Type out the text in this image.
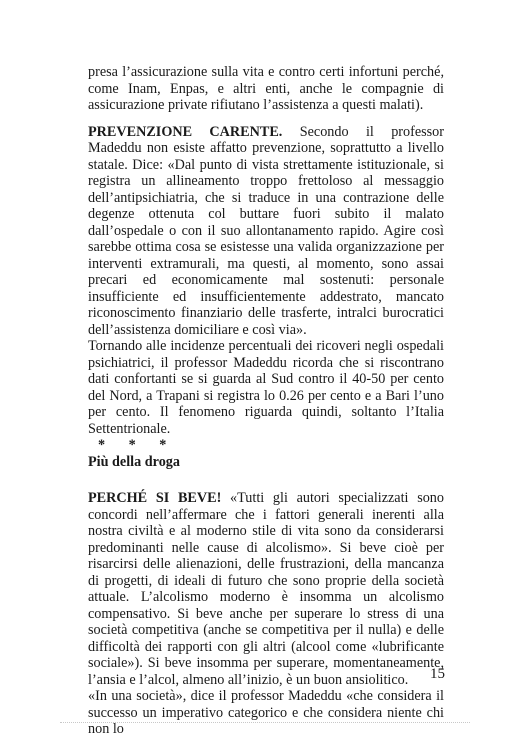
presa l’assicurazione sulla vita e contro certi infortuni perché, come Inam, Enpas, e altri enti, anche le compagnie di assicurazione private rifiutano l’assistenza a questi malati).

PREVENZIONE CARENTE. Secondo il professor Madeddu non esiste affatto prevenzione, soprattutto a livello statale. Dice: «Dal punto di vista strettamente istituzionale, si registra un allineamento troppo frettoloso al messaggio dell’antipsichiatria, che si traduce in una contrazione delle degenze ottenuta col buttare fuori subito il malato dall’ospedale o con il suo allontanamento rapido. Agire così sarebbe ottima cosa se esistesse una valida organizzazione per interventi extramurali, ma questi, al momento, sono assai precari ed economicamente mal sostenuti: personale insufficiente ed insufficientemente addestrato, mancato riconoscimento finanziario delle trasferte, intralci burocratici dell’assistenza domiciliare e così via».

Tornando alle incidenze percentuali dei ricoveri negli ospedali psichiatrici, il professor Madeddu ricorda che si riscontrano dati confortanti se si guarda al Sud contro il 40-50 per cento del Nord, a Trapani si registra lo 0.26 per cento e a Bari l’uno per cento. Il fenomeno riguarda quindi, soltanto l’Italia Settentrionale.

* * *

Più della droga

PERCHÉ SI BEVE! «Tutti gli autori specializzati sono concordi nell’affermare che i fattori generali inerenti alla nostra civiltà e al moderno stile di vita sono da considerarsi predominanti nelle cause di alcolismo». Si beve cioè per risarcirsi delle alienazioni, delle frustrazioni, della mancanza di progetti, di ideali di futuro che sono proprie della società attuale. L’alcolismo moderno è insomma un alcolismo compensativo. Si beve anche per superare lo stress di una società competitiva (anche se competitiva per il nulla) e delle difficoltà dei rapporti con gli altri (alcool come «lubrificante sociale»). Si beve insomma per superare, momentaneamente, l’ansia e l’alcol, almeno all’inizio, è un buon ansiolitico.

«In una società», dice il professor Madeddu «che considera il successo un imperativo categorico e che considera niente chi non lo

15
